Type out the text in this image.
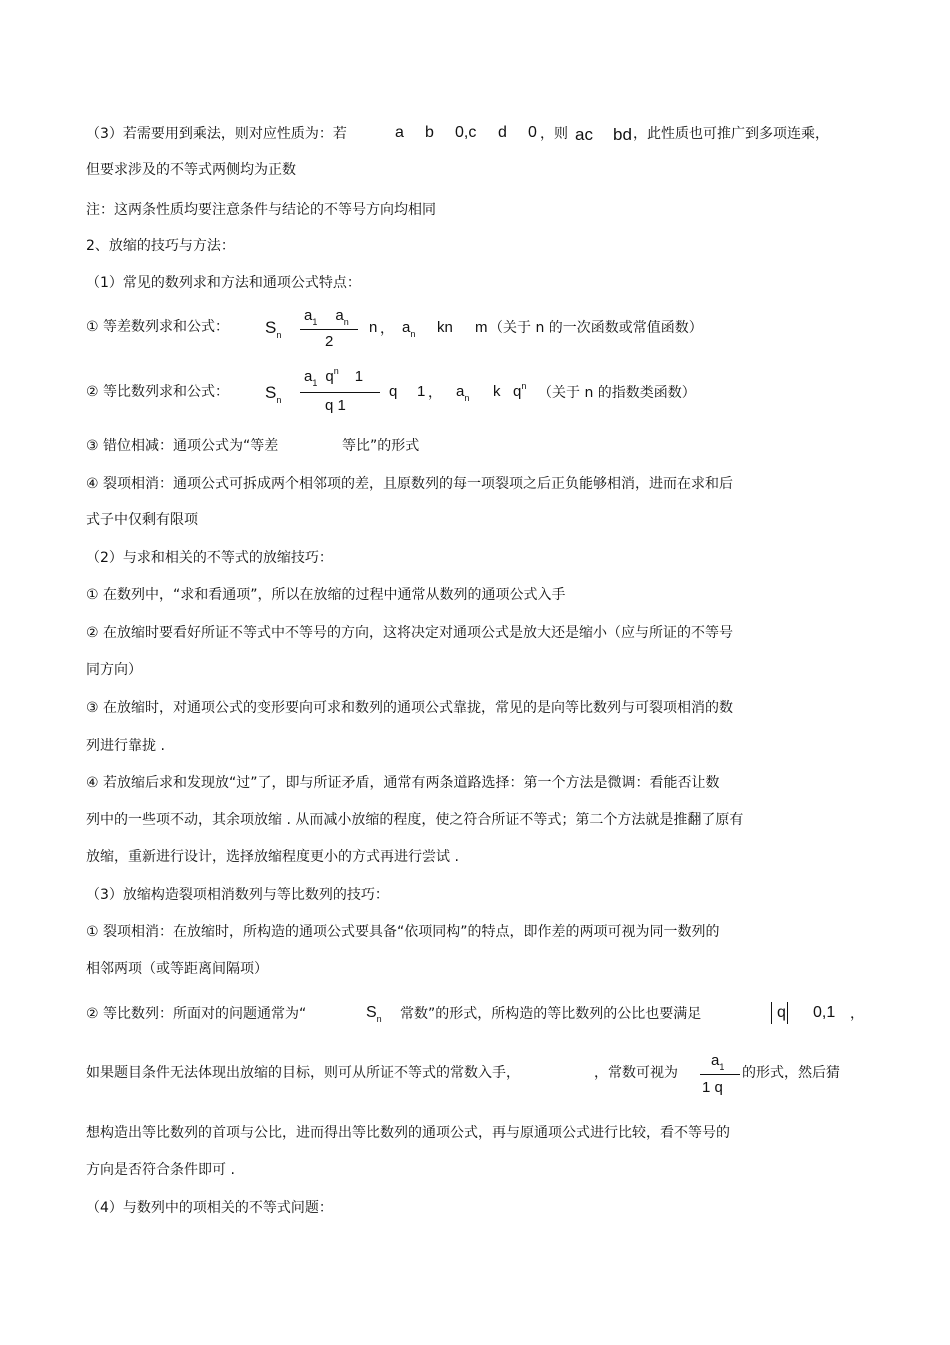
（3）若需要用到乘法，则对应性质为：若	a b 0,c d 0 ，则 ac bd ，此性质也可推广到多项连乘，
但要求涉及的不等式两侧均为正数
注：这两条性质均要注意条件与结论的不等号方向均相同
2、放缩的技巧与方法：
（1）常见的数列求和方法和通项公式特点：
① 等差数列求和公式： $S_n$
$a_1$ $a_n$
2
n ， $a_n$ kn m （关于 n 的一次函数或常值函数）
② 等比数列求和公式： $S_n$
$a_1$ $q^n$ 1
q 1
q 1 ， $a_n$ k $q^n$ （关于 n 的指数类函数）
③ 错位相减：通项公式为“等差	等比”的形式
④ 裂项相消：通项公式可拆成两个相邻项的差，且原数列的每一项裂项之后正负能够相消，进而在求和后
式子中仅剩有限项
（2）与求和相关的不等式的放缩技巧：
① 在数列中，“求和看通项”，所以在放缩的过程中通常从数列的通项公式入手
② 在放缩时要看好所证不等式中不等号的方向，这将决定对通项公式是放大还是缩小（应与所证的不等号
同方向）
③ 在放缩时，对通项公式的变形要向可求和数列的通项公式靠拢，常见的是向等比数列与可裂项相消的数
列进行靠拢 .
④ 若放缩后求和发现放“过”了，即与所证矛盾，通常有两条道路选择：第一个方法是微调：看能否让数
列中的一些项不动，其余项放缩 . 从而减小放缩的程度，使之符合所证不等式；第二个方法就是推翻了原有
放缩，重新进行设计，选择放缩程度更小的方式再进行尝试 .
（3）放缩构造裂项相消数列与等比数列的技巧：
① 裂项相消：在放缩时，所构造的通项公式要具备“依项同构”的特点，即作差的两项可视为同一数列的
相邻两项（或等距离间隔项）
② 等比数列：所面对的问题通常为“	$S_n$ 常数”的形式，所构造的等比数列的公比也要满足	q 0,1 ，
如果题目条件无法体现出放缩的目标，则可从所证不等式的常数入手，	，常数可视为
$a_1$
1 q
的形式，然后猜
想构造出等比数列的首项与公比，进而得出等比数列的通项公式，再与原通项公式进行比较，看不等号的
方向是否符合条件即可 .
（4）与数列中的项相关的不等式问题：
